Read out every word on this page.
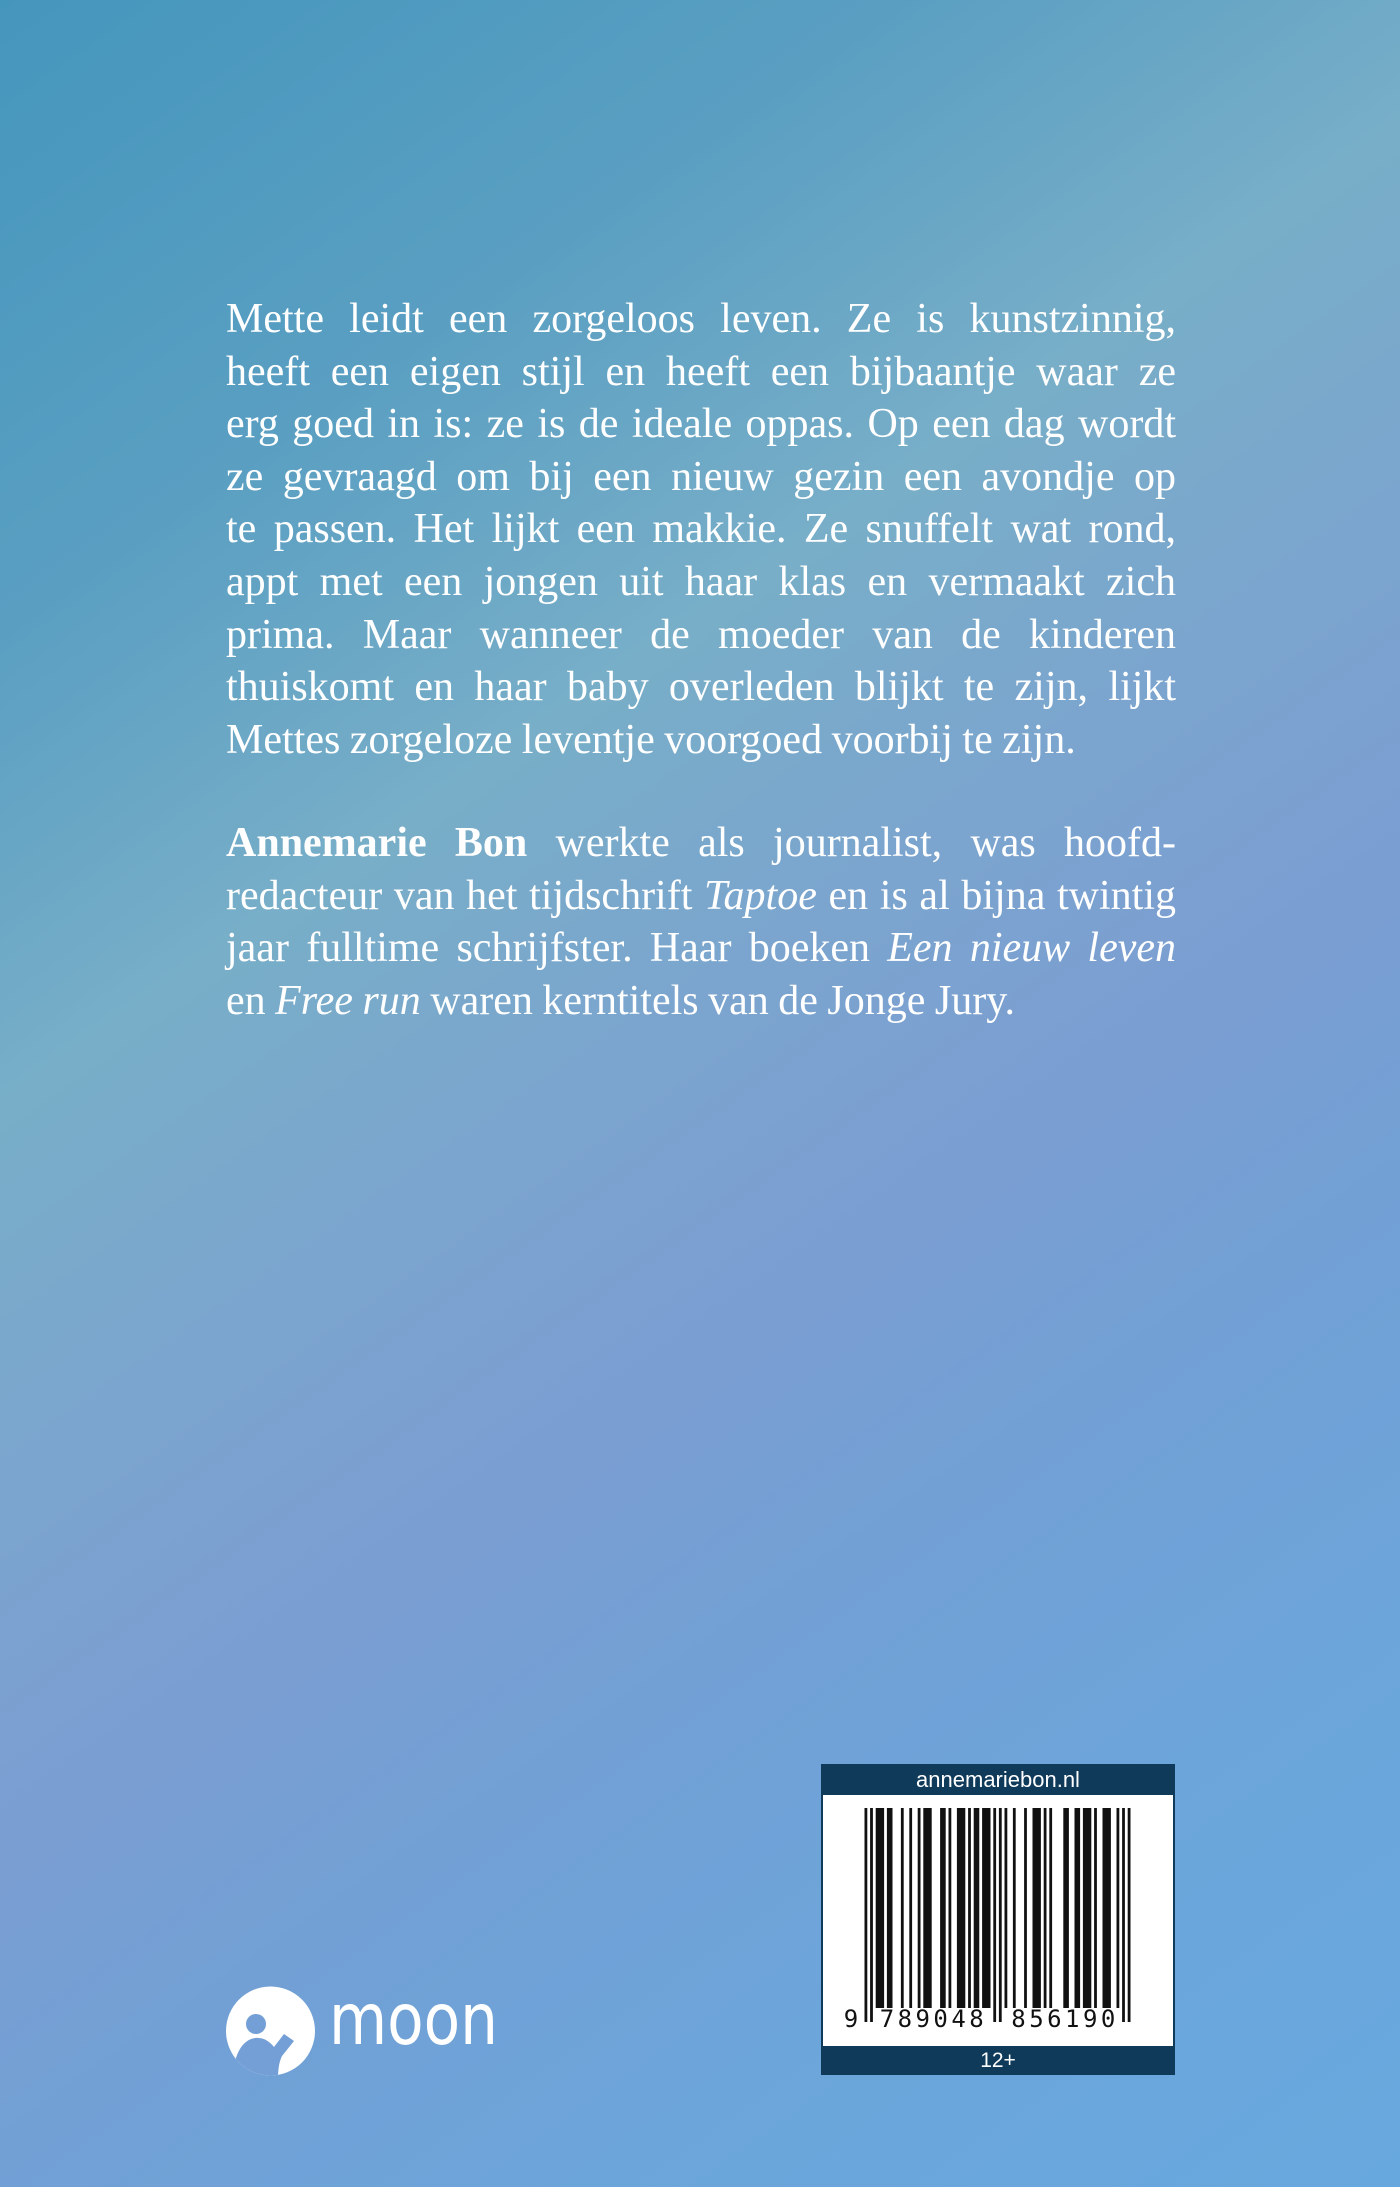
Mette leidt een zorgeloos leven. Ze is kunstzinnig,
heeft een eigen stijl en heeft een bijbaantje waar ze
erg goed in is: ze is de ideale oppas. Op een dag wordt
ze gevraagd om bij een nieuw gezin een avondje op
te passen. Het lijkt een makkie. Ze snuffelt wat rond,
appt met een jongen uit haar klas en vermaakt zich
prima. Maar wanneer de moeder van de kinderen
thuiskomt en haar baby overleden blijkt te zijn, lijkt
Mettes zorgeloze leventje voorgoed voorbij te zijn.
Annemarie Bon werkte als journalist, was hoofd-
redacteur van het tijdschrift Taptoe en is al bijna twintig
jaar fulltime schrijfster. Haar boeken Een nieuw leven
en Free run waren kerntitels van de Jonge Jury.
moon
annemariebon.nl
9 789048 856190
12+
